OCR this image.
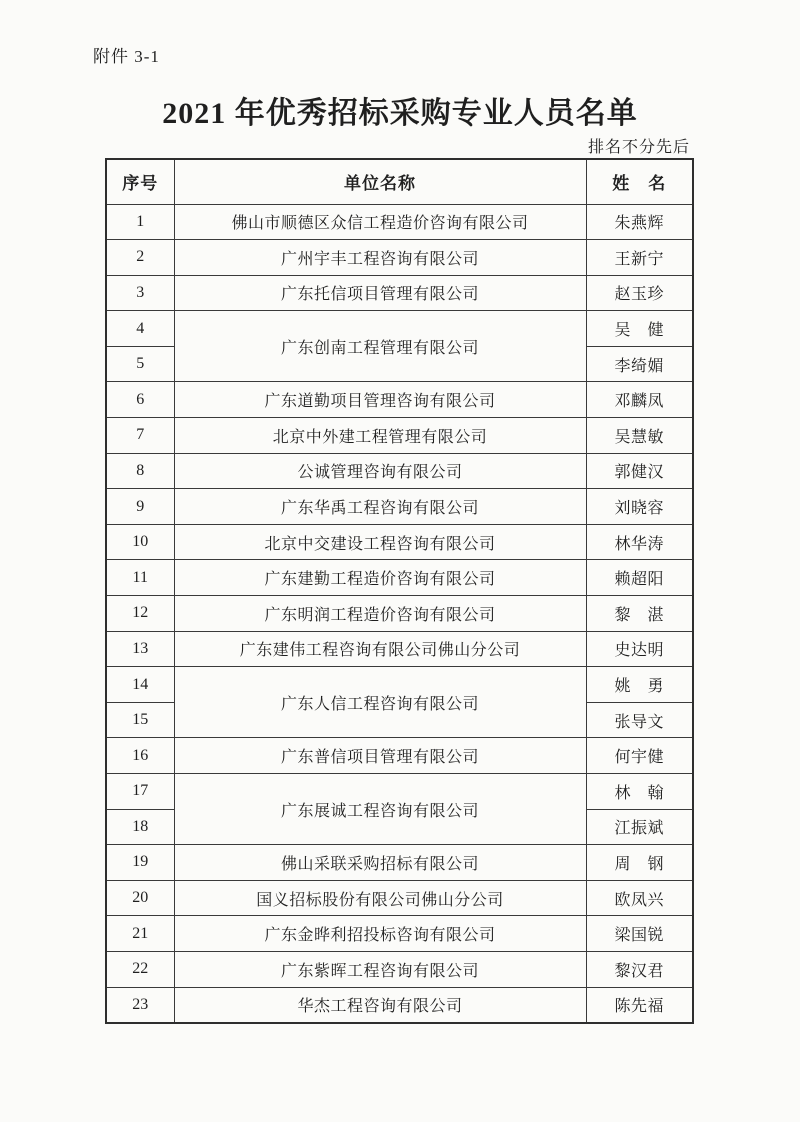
附件 3-1
2021 年优秀招标采购专业人员名单
排名不分先后
序号	单位名称	姓　名
1	佛山市顺德区众信工程造价咨询有限公司	朱燕辉
2	广州宇丰工程咨询有限公司	王新宁
3	广东托信项目管理有限公司	赵玉珍
4	广东创南工程管理有限公司	吴　健
5		李绮媚
6	广东道勤项目管理咨询有限公司	邓麟凤
7	北京中外建工程管理有限公司	吴慧敏
8	公诚管理咨询有限公司	郭健汉
9	广东华禹工程咨询有限公司	刘晓容
10	北京中交建设工程咨询有限公司	林华涛
11	广东建勤工程造价咨询有限公司	赖超阳
12	广东明润工程造价咨询有限公司	黎　湛
13	广东建伟工程咨询有限公司佛山分公司	史达明
14	广东人信工程咨询有限公司	姚　勇
15		张导文
16	广东普信项目管理有限公司	何宇健
17	广东展诚工程咨询有限公司	林　翰
18		江振斌
19	佛山采联采购招标有限公司	周　钢
20	国义招标股份有限公司佛山分公司	欧凤兴
21	广东金晔利招投标咨询有限公司	梁国锐
22	广东紫晖工程咨询有限公司	黎汉君
23	华杰工程咨询有限公司	陈先福
